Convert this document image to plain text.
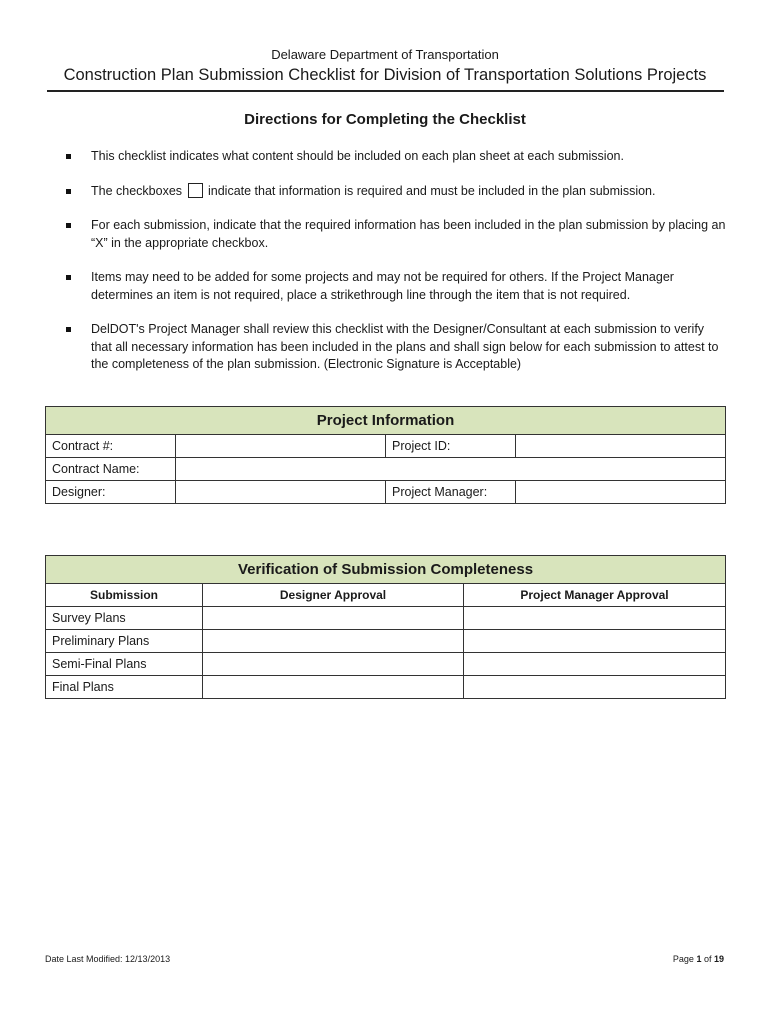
Delaware Department of Transportation
Construction Plan Submission Checklist for Division of Transportation Solutions Projects
Directions for Completing the Checklist
This checklist indicates what content should be included on each plan sheet at each submission.
The checkboxes indicate that information is required and must be included in the plan submission.
For each submission, indicate that the required information has been included in the plan submission by placing an “X” in the appropriate checkbox.
Items may need to be added for some projects and may not be required for others. If the Project Manager determines an item is not required, place a strikethrough line through the item that is not required.
DelDOT's Project Manager shall review this checklist with the Designer/Consultant at each submission to verify that all necessary information has been included in the plans and shall sign below for each submission to attest to the completeness of the plan submission. (Electronic Signature is Acceptable)
Project Information			
Contract #:		Project ID:	
Contract Name:			
Designer:		Project Manager:	
Verification of Submission Completeness		
Submission	Designer Approval	Project Manager Approval
Survey Plans		
Preliminary Plans		
Semi-Final Plans		
Final Plans		
Date Last Modified: 12/13/2013	Page 1 of 19
